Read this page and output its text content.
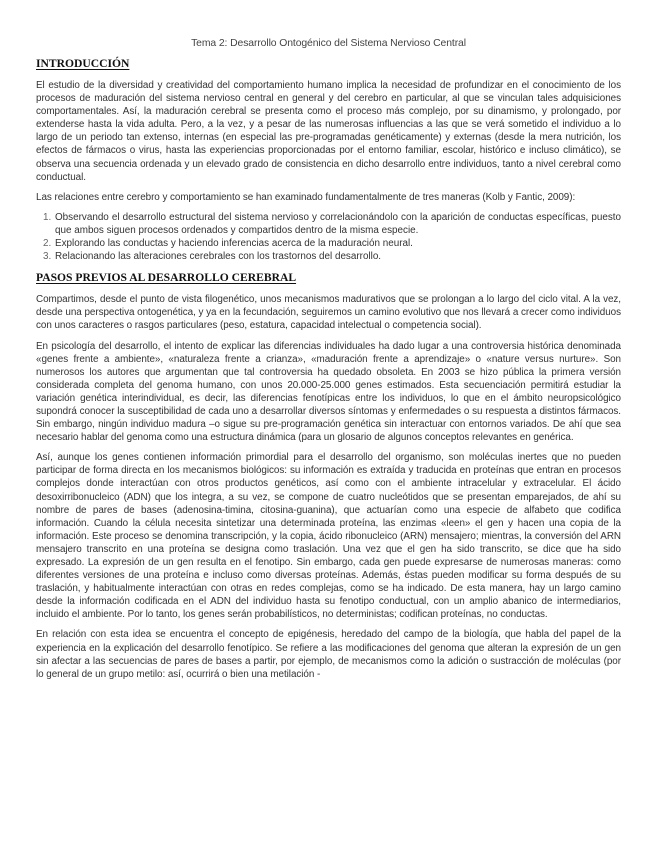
Tema 2: Desarrollo Ontogénico del Sistema Nervioso Central
INTRODUCCIÓN

El estudio de la diversidad y creatividad del comportamiento humano implica la necesidad de profundizar en el conocimiento de los procesos de maduración del sistema nervioso central en general y del cerebro en particular, al que se vinculan tales adquisiciones comportamentales. Así, la maduración cerebral se presenta como el proceso más complejo, por su dinamismo, y prolongado, por extenderse hasta la vida adulta. Pero, a la vez, y a pesar de las numerosas influencias a las que se verá sometido el individuo a lo largo de un periodo tan extenso, internas (en especial las pre-programadas genéticamente) y externas (desde la mera nutrición, los efectos de fármacos o virus, hasta las experiencias proporcionadas por el entorno familiar, escolar, histórico e incluso climático), se observa una secuencia ordenada y un elevado grado de consistencia en dicho desarrollo entre individuos, tanto a nivel cerebral como conductual.

Las relaciones entre cerebro y comportamiento se han examinado fundamentalmente de tres maneras (Kolb y Fantic, 2009):

1. Observando el desarrollo estructural del sistema nervioso y correlacionándolo con la aparición de conductas específicas, puesto que ambos siguen procesos ordenados y compartidos dentro de la misma especie.
2. Explorando las conductas y haciendo inferencias acerca de la maduración neural.
3. Relacionando las alteraciones cerebrales con los trastornos del desarrollo.
PASOS PREVIOS AL DESARROLLO CEREBRAL

Compartimos, desde el punto de vista filogenético, unos mecanismos madurativos que se prolongan a lo largo del ciclo vital. A la vez, desde una perspectiva ontogenética, y ya en la fecundación, seguiremos un camino evolutivo que nos llevará a crecer como individuos con unos caracteres o rasgos particulares (peso, estatura, capacidad intelectual o competencia social).

En psicología del desarrollo, el intento de explicar las diferencias individuales ha dado lugar a una controversia histórica denominada «genes frente a ambiente», «naturaleza frente a crianza», «maduración frente a aprendizaje» o «nature versus nurture». Son numerosos los autores que argumentan que tal controversia ha quedado obsoleta. En 2003 se hizo pública la primera versión considerada completa del genoma humano, con unos 20.000-25.000 genes estimados. Esta secuenciación permitirá estudiar la variación genética interindividual, es decir, las diferencias fenotípicas entre los individuos, lo que en el ámbito neuropsicológico supondrá conocer la susceptibilidad de cada uno a desarrollar diversos síntomas y enfermedades o su respuesta a distintos fármacos. Sin embargo, ningún individuo madura –o sigue su pre-programación genética sin interactuar con entornos variados. De ahí que sea necesario hablar del genoma como una estructura dinámica (para un glosario de algunos conceptos relevantes en genérica.

Así, aunque los genes contienen información primordial para el desarrollo del organismo, son moléculas inertes que no pueden participar de forma directa en los mecanismos biológicos: su información es extraída y traducida en proteínas que entran en procesos complejos donde interactúan con otros productos genéticos, así como con el ambiente intracelular y extracelular. El ácido desoxirribonucleico (ADN) que los integra, a su vez, se compone de cuatro nucleótidos que se presentan emparejados, de ahí su nombre de pares de bases (adenosina-timina, citosina-guanina), que actuarían como una especie de alfabeto que codifica información. Cuando la célula necesita sintetizar una determinada proteína, las enzimas «leen» el gen y hacen una copia de la información. Este proceso se denomina transcripción, y la copia, ácido ribonucleico (ARN) mensajero; mientras, la conversión del ARN mensajero transcrito en una proteína se designa como traslación. Una vez que el gen ha sido transcrito, se dice que ha sido expresado. La expresión de un gen resulta en el fenotipo. Sin embargo, cada gen puede expresarse de numerosas maneras: como diferentes versiones de una proteína e incluso como diversas proteínas. Además, éstas pueden modificar su forma después de su traslación, y habitualmente interactúan con otras en redes complejas, como se ha indicado. De esta manera, hay un largo camino desde la información codificada en el ADN del individuo hasta su fenotipo conductual, con un amplio abanico de intermediarios, incluido el ambiente. Por lo tanto, los genes serán probabilísticos, no deterministas; codifican proteínas, no conductas.

En relación con esta idea se encuentra el concepto de epigénesis, heredado del campo de la biología, que habla del papel de la experiencia en la explicación del desarrollo fenotípico. Se refiere a las modificaciones del genoma que alteran la expresión de un gen sin afectar a las secuencias de pares de bases a partir, por ejemplo, de mecanismos como la adición o sustracción de moléculas (por lo general de un grupo metilo: así, ocurrirá o bien una metilación -
